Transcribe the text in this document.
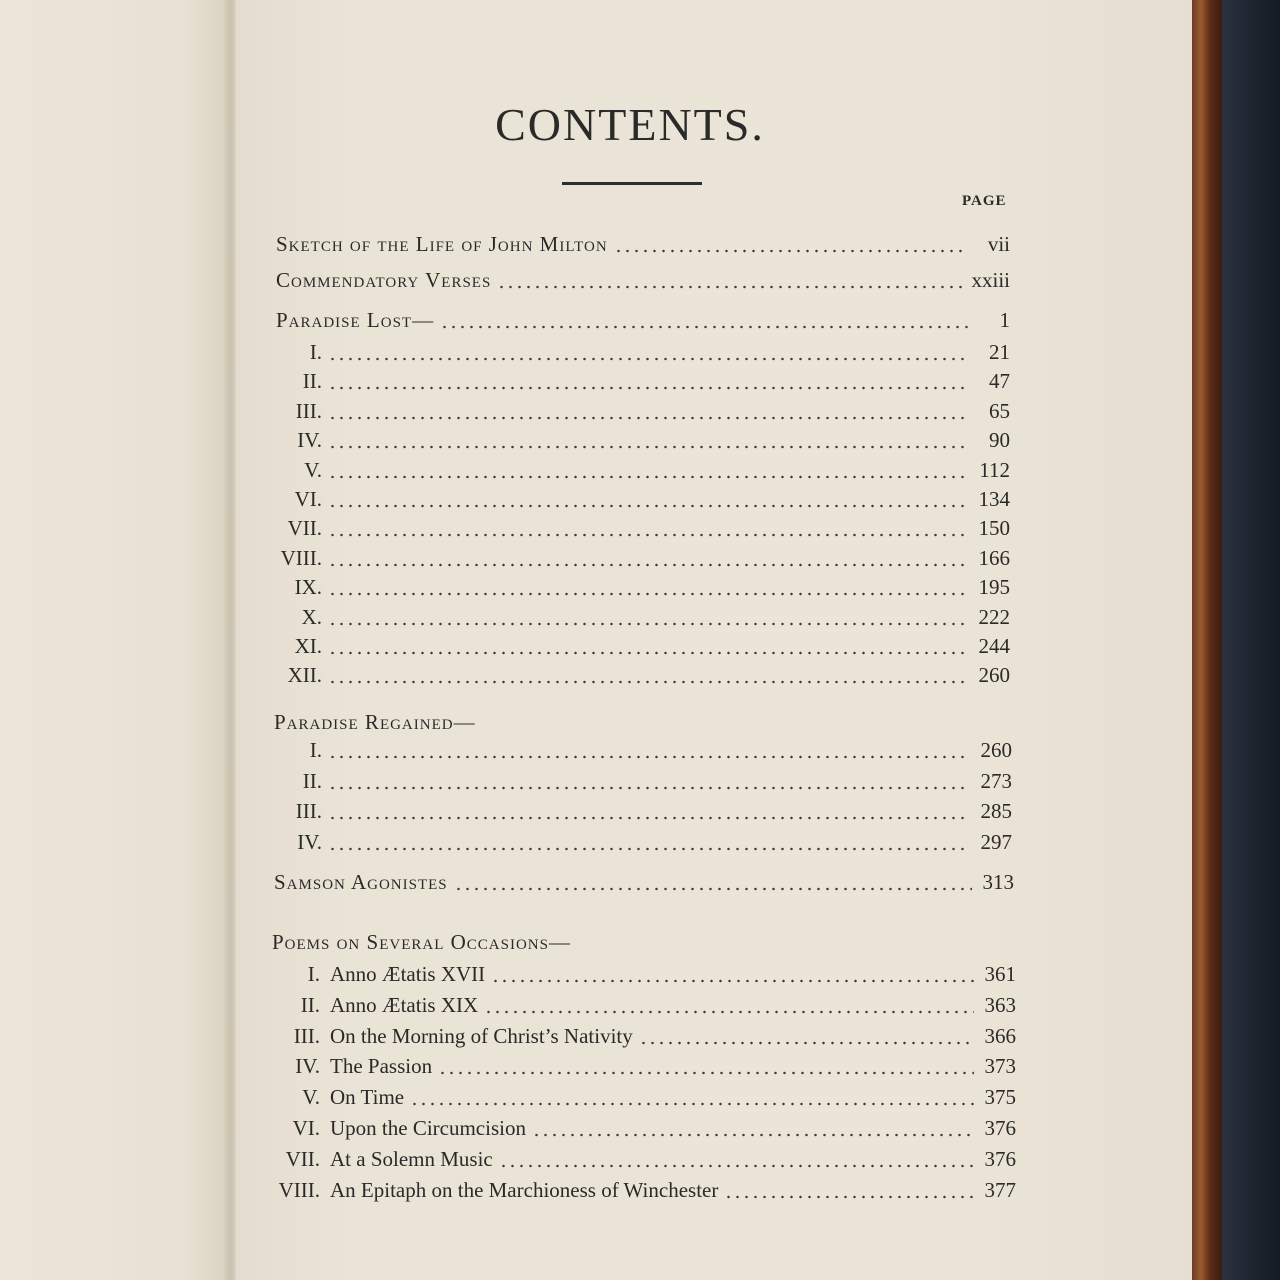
CONTENTS.
PAGE
Sketch of the Life of John Milton	vii
Commendatory Verses	xxiii
Paradise Lost—	1
I.	21
II.	47
III.	65
IV.	90
V.	112
VI.	134
VII.	150
VIII.	166
IX.	195
X.	222
XI.	244
XII.	260
Paradise Regained—
I.	260
II.	273
III.	285
IV.	297
Samson Agonistes	313
Poems on Several Occasions—
I. Anno Ætatis XVII	361
II. Anno Ætatis XIX	363
III. On the Morning of Christ’s Nativity	366
IV. The Passion	373
V. On Time	375
VI. Upon the Circumcision	376
VII. At a Solemn Music	376
VIII. An Epitaph on the Marchioness of Winchester	377
